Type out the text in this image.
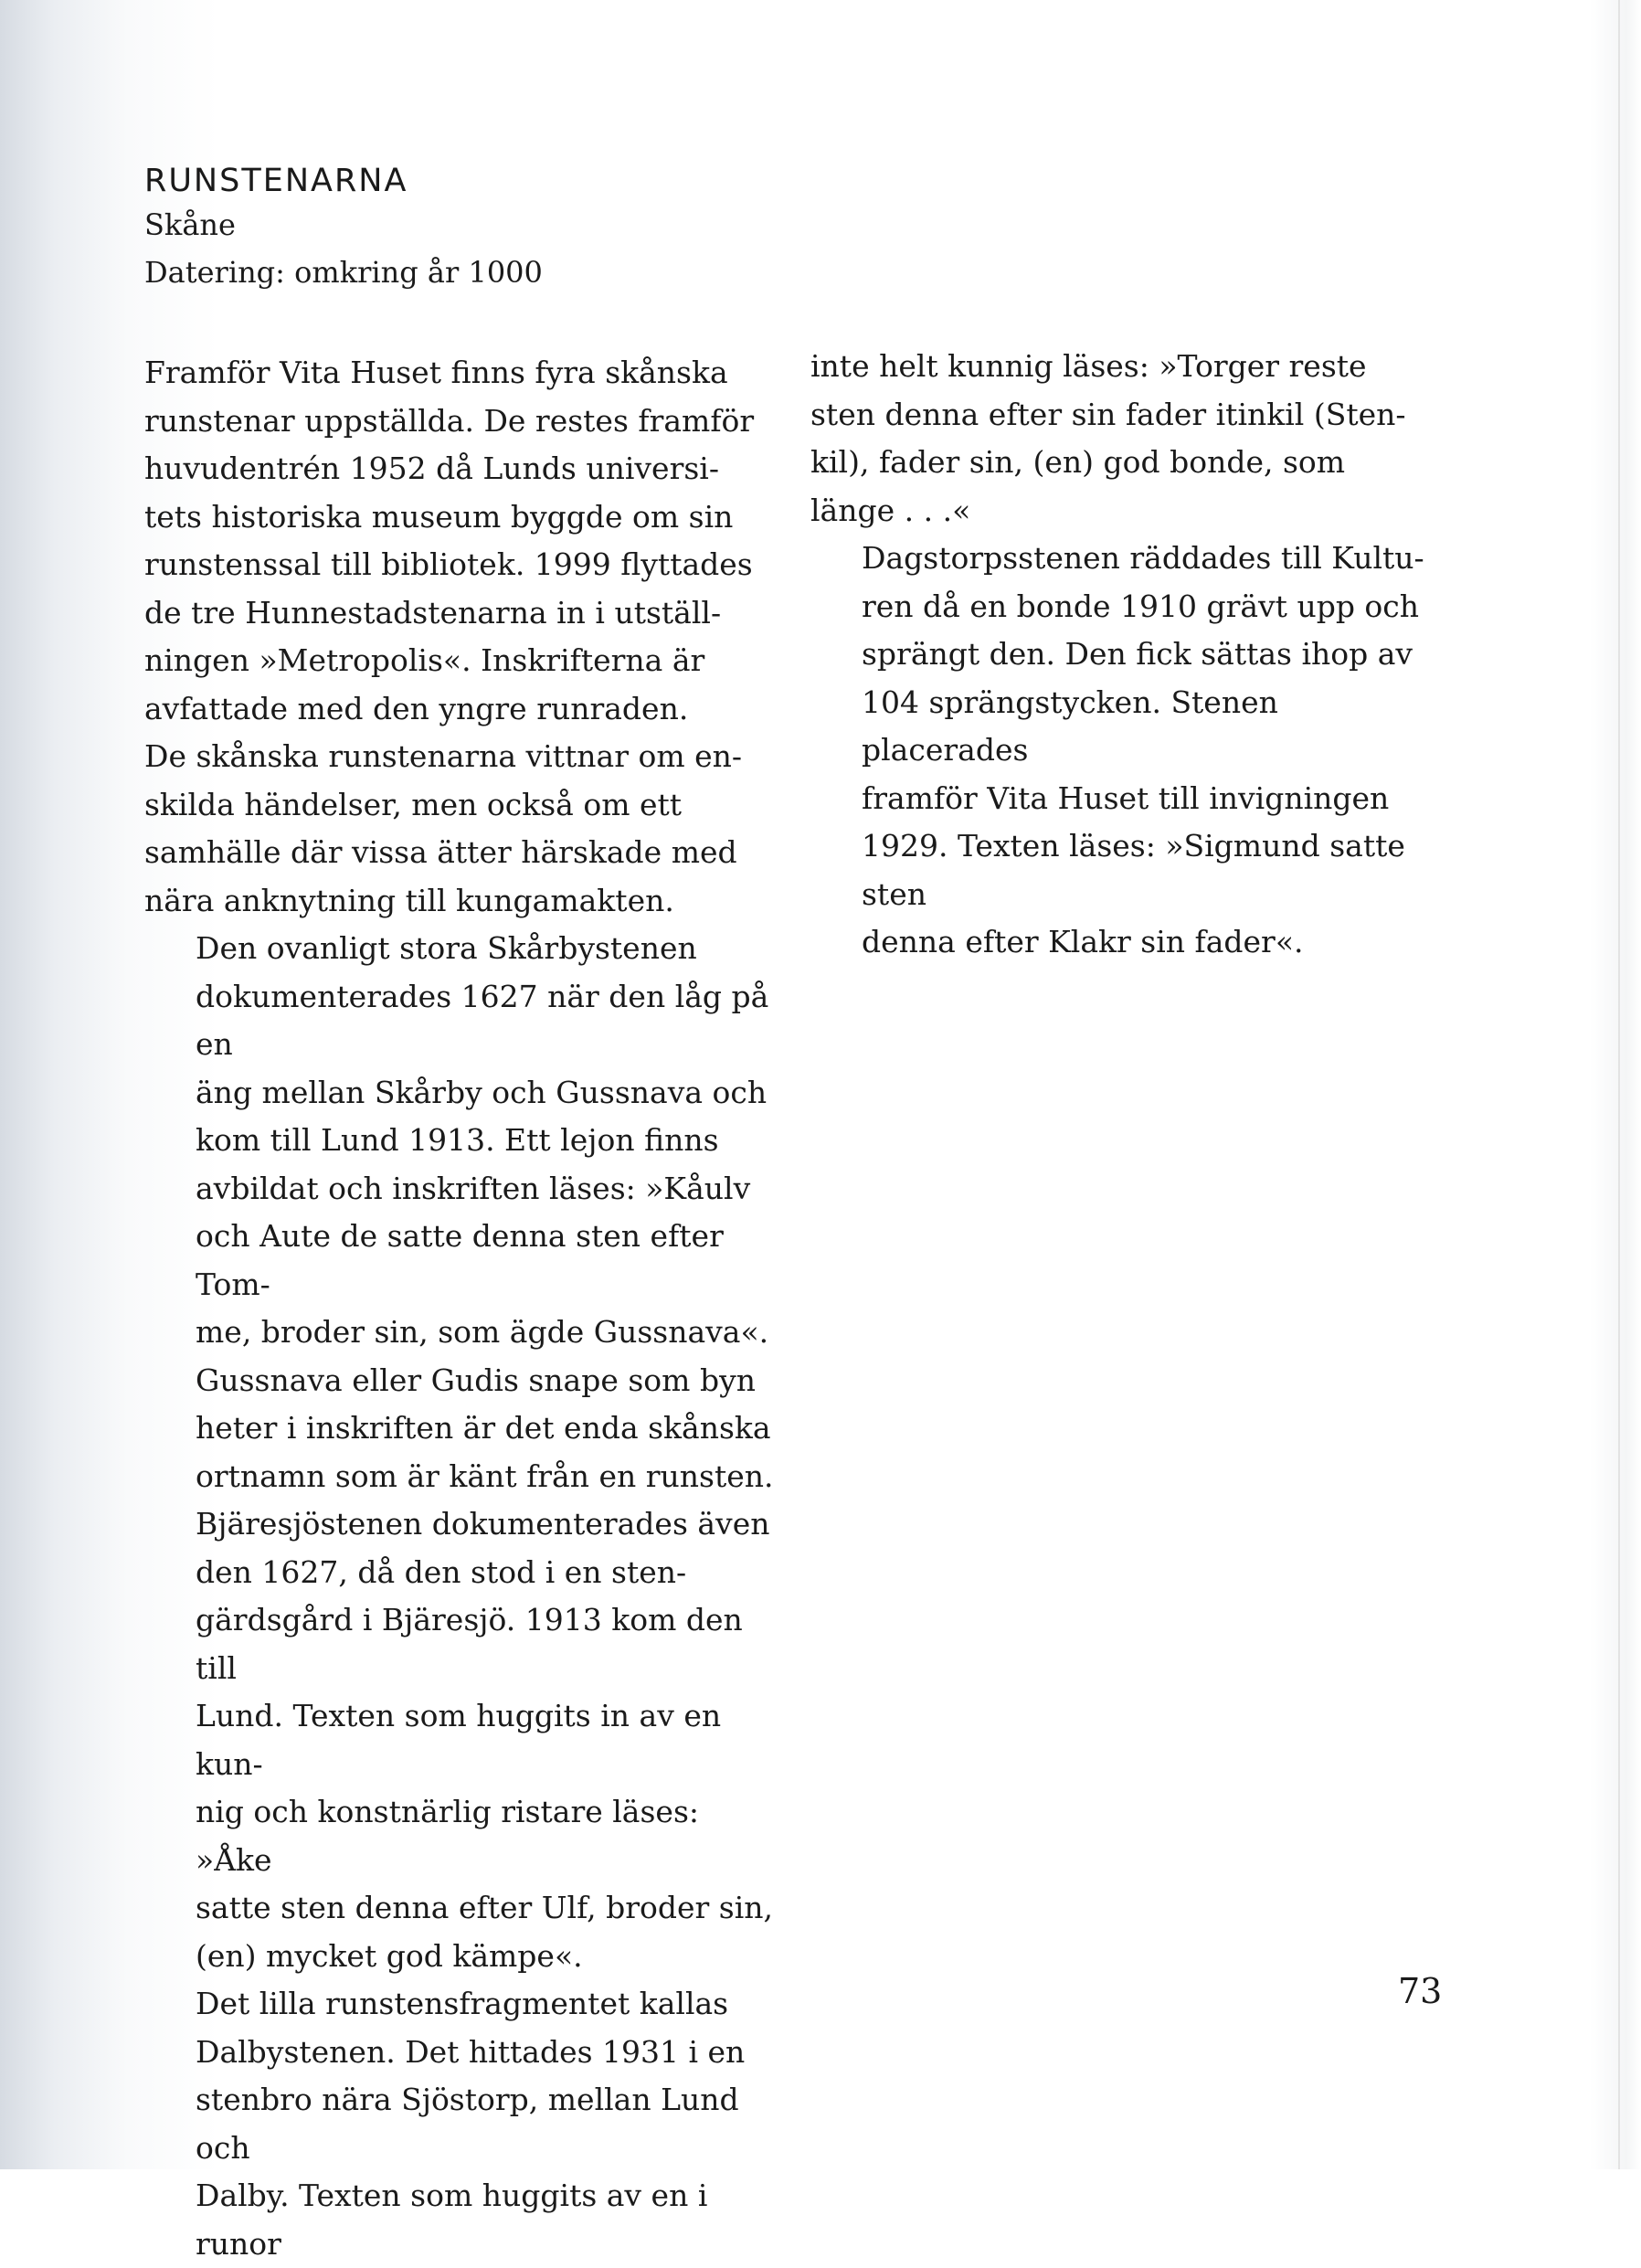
RUNSTENARNA

Skåne

Datering: omkring år 1000

Framför Vita Huset finns fyra skånska
runstenar uppställda. De restes framför
huvudentrén 1952 då Lunds universi-
tets historiska museum byggde om sin
runstenssal till bibliotek. 1999 flyttades
de tre Hunnestadstenarna in i utställ-
ningen »Metropolis«. Inskrifterna är
avfattade med den yngre runraden.
De skånska runstenarna vittnar om en-
skilda händelser, men också om ett
samhälle där vissa ätter härskade med
nära anknytning till kungamakten.

Den ovanligt stora Skårbystenen
dokumenterades 1627 när den låg på en
äng mellan Skårby och Gussnava och
kom till Lund 1913. Ett lejon finns
avbildat och inskriften läses: »Kåulv
och Aute de satte denna sten efter Tom-
me, broder sin, som ägde Gussnava«.
Gussnava eller Gudis snape som byn
heter i inskriften är det enda skånska
ortnamn som är känt från en runsten.

Bjäresjöstenen dokumenterades även
den 1627, då den stod i en sten-
gärdsgård i Bjäresjö. 1913 kom den till
Lund. Texten som huggits in av en kun-
nig och konstnärlig ristare läses: »Åke
satte sten denna efter Ulf, broder sin,
(en) mycket god kämpe«.

Det lilla runstensfragmentet kallas
Dalbystenen. Det hittades 1931 i en
stenbro nära Sjöstorp, mellan Lund och
Dalby. Texten som huggits av en i runor

inte helt kunnig läses: »Torger reste
sten denna efter sin fader itinkil (Sten-
kil), fader sin, (en) god bonde, som
länge . . .«

Dagstorpsstenen räddades till Kultu-
ren då en bonde 1910 grävt upp och
sprängt den. Den fick sättas ihop av
104 sprängstycken. Stenen placerades
framför Vita Huset till invigningen
1929. Texten läses: »Sigmund satte sten
denna efter Klakr sin fader«.

73
